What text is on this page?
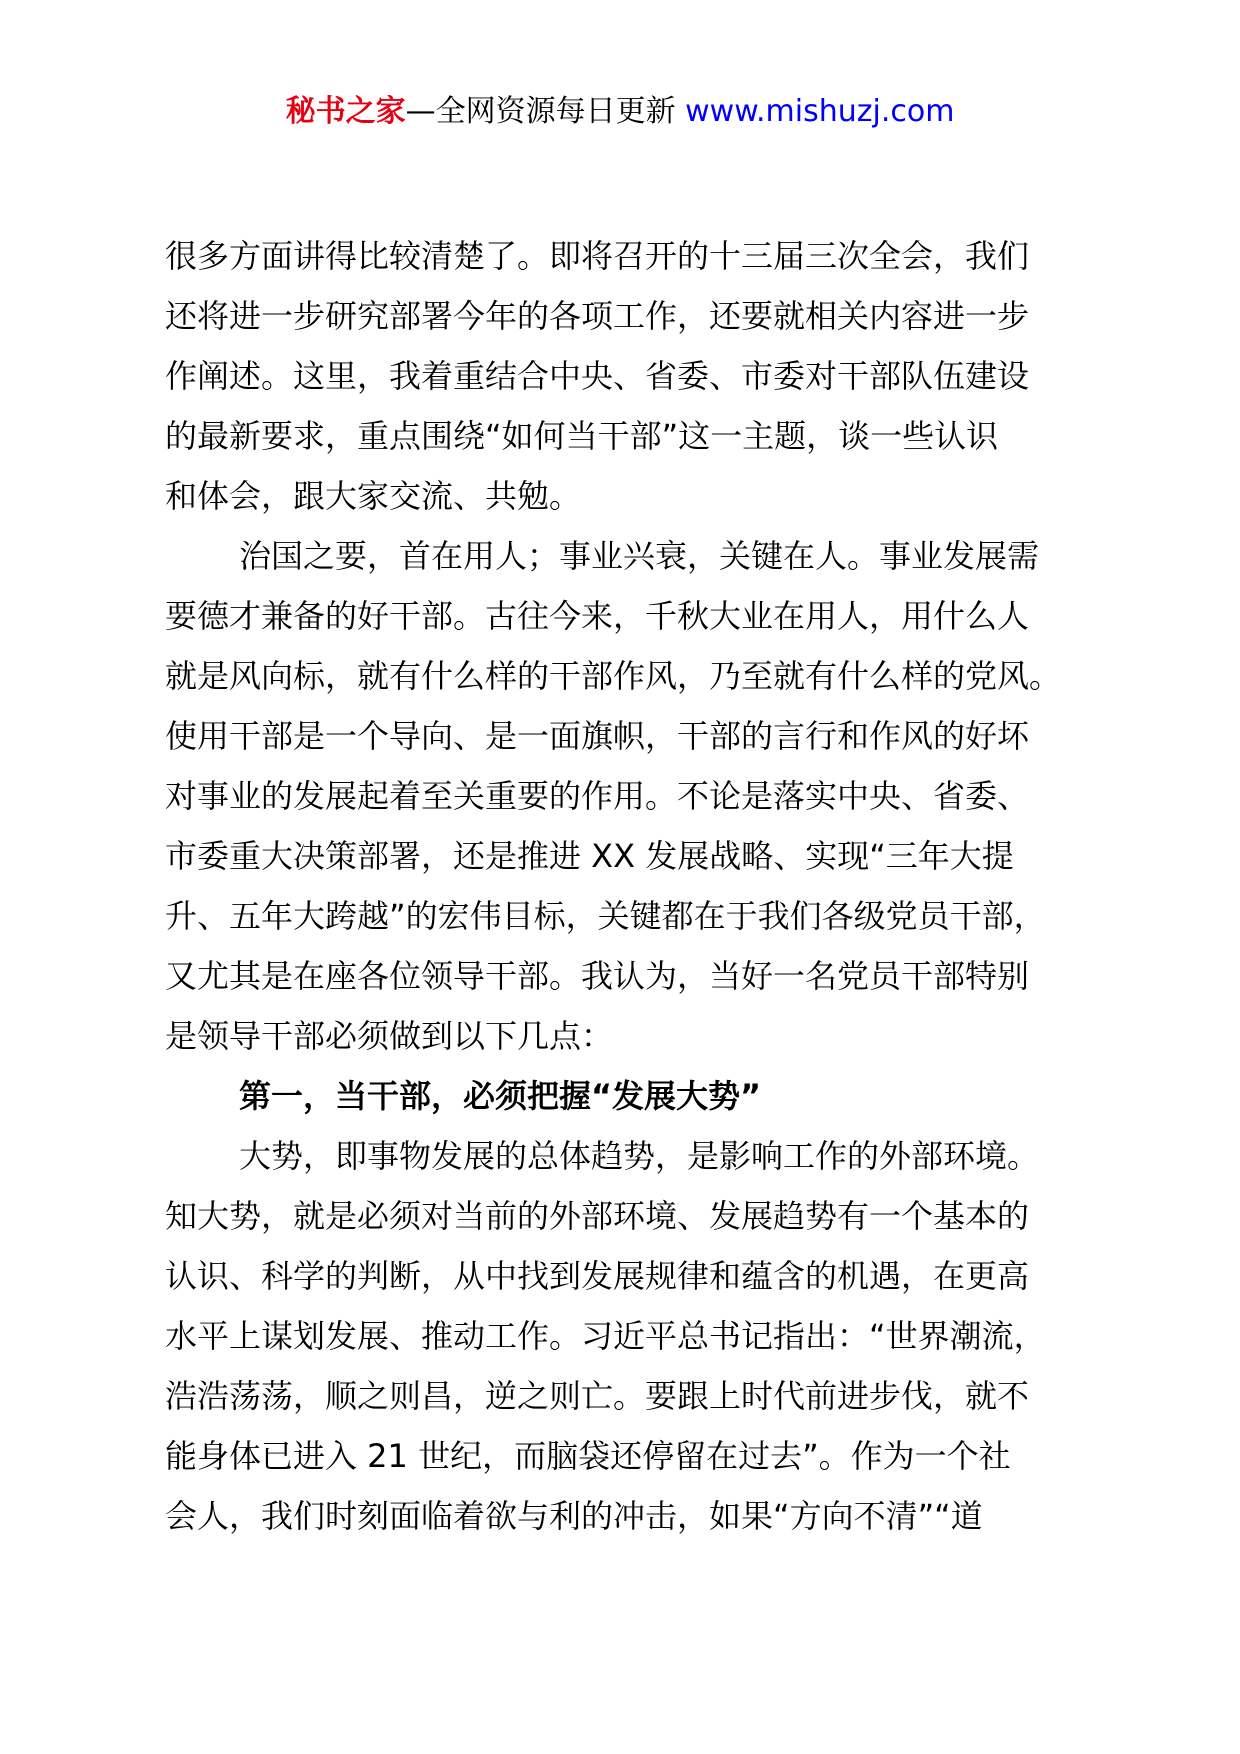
秘书之家—全网资源每日更新 www.mishuzj.com
很多方面讲得比较清楚了。即将召开的十三届三次全会，我们
还将进一步研究部署今年的各项工作，还要就相关内容进一步
作阐述。这里，我着重结合中央、省委、市委对干部队伍建设
的最新要求，重点围绕“如何当干部”这一主题，谈一些认识
和体会，跟大家交流、共勉。
治国之要，首在用人；事业兴衰，关键在人。事业发展需
要德才兼备的好干部。古往今来，千秋大业在用人，用什么人
就是风向标，就有什么样的干部作风，乃至就有什么样的党风。
使用干部是一个导向、是一面旗帜，干部的言行和作风的好坏
对事业的发展起着至关重要的作用。不论是落实中央、省委、
市委重大决策部署，还是推进 XX 发展战略、实现“三年大提
升、五年大跨越”的宏伟目标，关键都在于我们各级党员干部，
又尤其是在座各位领导干部。我认为，当好一名党员干部特别
是领导干部必须做到以下几点：
第一，当干部，必须把握“发展大势”
大势，即事物发展的总体趋势，是影响工作的外部环境。
知大势，就是必须对当前的外部环境、发展趋势有一个基本的
认识、科学的判断，从中找到发展规律和蕴含的机遇，在更高
水平上谋划发展、推动工作。习近平总书记指出：“世界潮流，
浩浩荡荡，顺之则昌，逆之则亡。要跟上时代前进步伐，就不
能身体已进入 21 世纪，而脑袋还停留在过去”。作为一个社
会人，我们时刻面临着欲与利的冲击，如果“方向不清”“道
